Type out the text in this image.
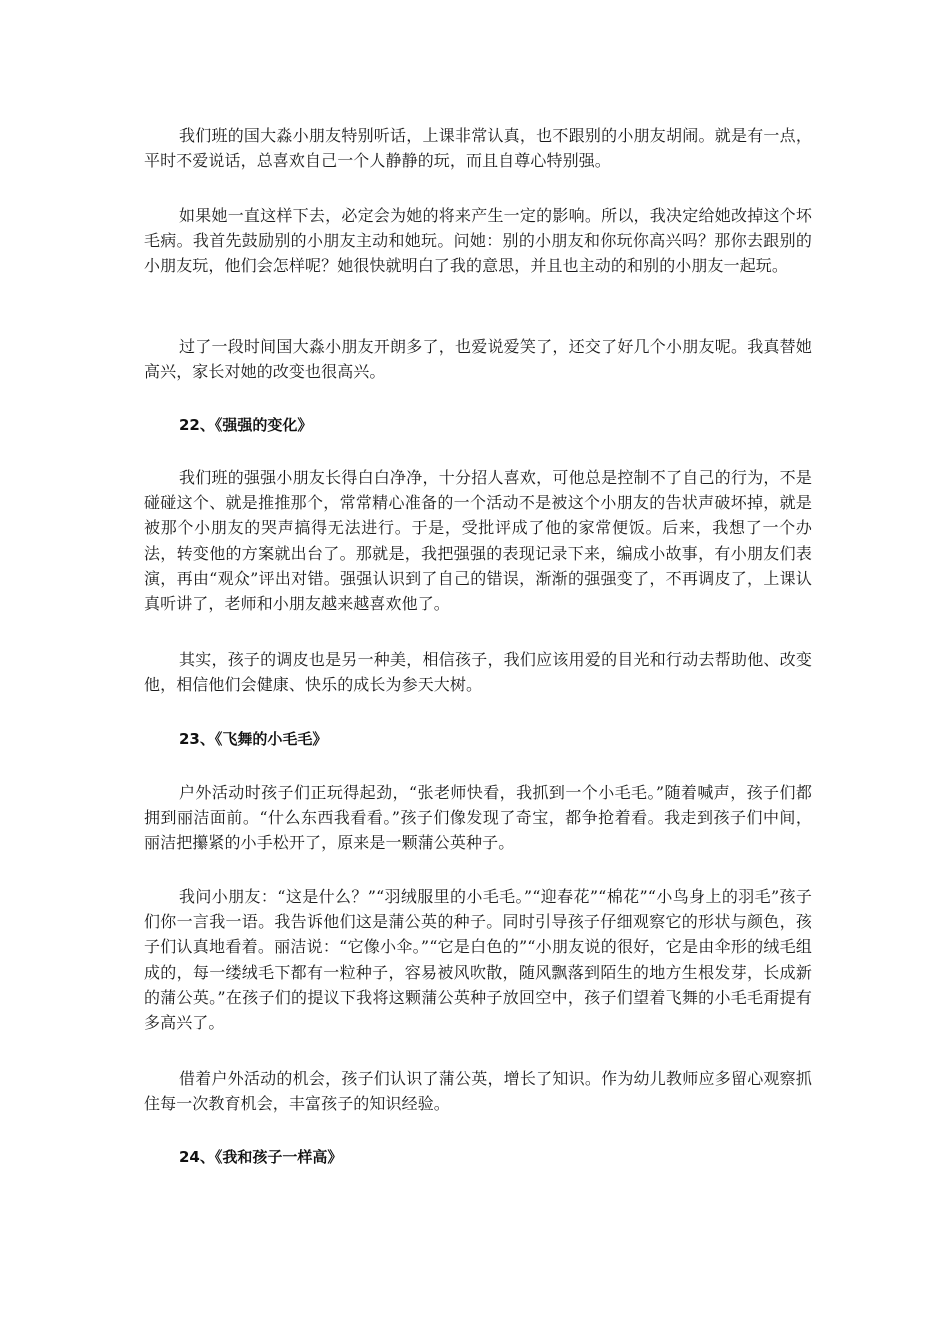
我们班的国大淼小朋友特别听话，上课非常认真，也不跟别的小朋友胡闹。就是有一点，平时不爱说话，总喜欢自己一个人静静的玩，而且自尊心特别强。

如果她一直这样下去，必定会为她的将来产生一定的影响。所以，我决定给她改掉这个坏毛病。我首先鼓励别的小朋友主动和她玩。问她：别的小朋友和你玩你高兴吗？那你去跟别的小朋友玩，他们会怎样呢？她很快就明白了我的意思，并且也主动的和别的小朋友一起玩。

过了一段时间国大淼小朋友开朗多了，也爱说爱笑了，还交了好几个小朋友呢。我真替她高兴，家长对她的改变也很高兴。

22、《强强的变化》

我们班的强强小朋友长得白白净净，十分招人喜欢，可他总是控制不了自己的行为，不是碰碰这个、就是推推那个，常常精心准备的一个活动不是被这个小朋友的告状声破坏掉，就是被那个小朋友的哭声搞得无法进行。于是，受批评成了他的家常便饭。后来，我想了一个办法，转变他的方案就出台了。那就是，我把强强的表现记录下来，编成小故事，有小朋友们表演，再由“观众”评出对错。强强认识到了自己的错误，渐渐的强强变了，不再调皮了，上课认真听讲了，老师和小朋友越来越喜欢他了。

其实，孩子的调皮也是另一种美，相信孩子，我们应该用爱的目光和行动去帮助他、改变他，相信他们会健康、快乐的成长为参天大树。

23、《飞舞的小毛毛》

户外活动时孩子们正玩得起劲，“张老师快看，我抓到一个小毛毛。”随着喊声，孩子们都拥到丽洁面前。“什么东西我看看。”孩子们像发现了奇宝，都争抢着看。我走到孩子们中间，丽洁把攥紧的小手松开了，原来是一颗蒲公英种子。

我问小朋友：“这是什么？”“羽绒服里的小毛毛。”“迎春花”“棉花”“小鸟身上的羽毛”孩子们你一言我一语。我告诉他们这是蒲公英的种子。同时引导孩子仔细观察它的形状与颜色，孩子们认真地看着。丽洁说：“它像小伞。”“它是白色的”“小朋友说的很好，它是由伞形的绒毛组成的，每一缕绒毛下都有一粒种子，容易被风吹散，随风飘落到陌生的地方生根发芽，长成新的蒲公英。”在孩子们的提议下我将这颗蒲公英种子放回空中，孩子们望着飞舞的小毛毛甭提有多高兴了。

借着户外活动的机会，孩子们认识了蒲公英，增长了知识。作为幼儿教师应多留心观察抓住每一次教育机会，丰富孩子的知识经验。

24、《我和孩子一样高》
